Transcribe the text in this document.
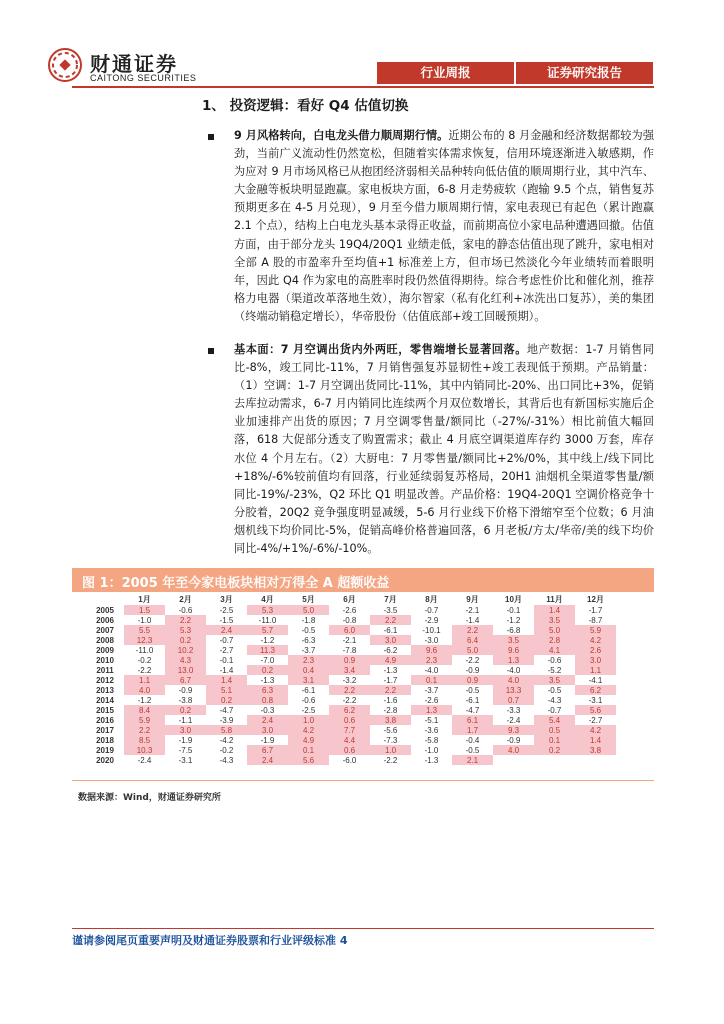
财通证券
CAITONG SECURITIES	行业周报	证券研究报告
1、 投资逻辑：看好 Q4 估值切换
9 月风格转向，白电龙头借力顺周期行情。近期公布的 8 月金融和经济数据都较为强劲，当前广义流动性仍然宽松，但随着实体需求恢复，信用环境逐渐进入敏感期，作为应对 9 月市场风格已从抱团经济弱相关品种转向低估值的顺周期行业，其中汽车、大金融等板块明显跑赢。家电板块方面，6-8 月走势疲软（跑输 9.5 个点，销售复苏预期更多在 4-5 月兑现），9 月至今借力顺周期行情，家电表现已有起色（累计跑赢 2.1 个点），结构上白电龙头基本录得正收益，而前期高位小家电品种遭遇回撤。估值方面，由于部分龙头 19Q4/20Q1 业绩走低，家电的静态估值出现了跳升，家电相对全部 A 股的市盈率升至均值+1 标准差上方，但市场已然淡化今年业绩转而着眼明年，因此 Q4 作为家电的高胜率时段仍然值得期待。综合考虑性价比和催化剂，推荐格力电器（渠道改革落地生效），海尔智家（私有化红利+冰洗出口复苏），美的集团（终端动销稳定增长），华帝股份（估值底部+竣工回暖预期）。
基本面：7 月空调出货内外两旺，零售端增长显著回落。地产数据：1-7 月销售同比-8%，竣工同比-11%，7 月销售强复苏显韧性+竣工表现低于预期。产品销量：（1）空调：1-7 月空调出货同比-11%，其中内销同比-20%、出口同比+3%，促销去库拉动需求，6-7 月内销同比连续两个月双位数增长，其背后也有新国标实施后企业加速排产出货的原因；7 月空调零售量/额同比（-27%/-31%）相比前值大幅回落，618 大促部分透支了购置需求；截止 4 月底空调渠道库存约 3000 万套，库存水位 4 个月左右。（2）大厨电：7 月零售量/额同比+2%/0%，其中线上/线下同比+18%/-6%较前值均有回落，行业延续弱复苏格局，20H1 油烟机全渠道零售量/额同比-19%/-23%，Q2 环比 Q1 明显改善。产品价格：19Q4-20Q1 空调价格竞争十分胶着，20Q2 竞争强度明显减缓，5-6 月行业线下价格下滑缩窄至个位数；6 月油烟机线下均价同比-5%，促销高峰价格普遍回落，6 月老板/方太/华帝/美的线下均价同比-4%/+1%/-6%/-10%。
图 1：2005 年至今家电板块相对万得全 A 超额收益
	1月	2月	3月	4月	5月	6月	7月	8月	9月	10月	11月	12月
2005	1.5	-0.6	-2.5	5.3	5.0	-2.6	-3.5	-0.7	-2.1	-0.1	1.4	-1.7
2006	-1.0	2.2	-1.5	-11.0	-1.8	-0.8	2.2	-2.9	-1.4	-1.2	3.5	-8.7
2007	5.5	5.3	2.4	5.7	-0.5	6.0	-6.1	-10.1	2.2	-6.8	5.0	5.9
2008	12.3	0.2	-0.7	-1.2	-6.3	-2.1	3.0	-3.0	6.4	3.5	2.8	4.2
2009	-11.0	10.2	-2.7	11.3	-3.7	-7.8	-6.2	9.6	5.0	9.6	4.1	2.6
2010	-0.2	4.3	-0.1	-7.0	2.3	0.9	4.9	2.3	-2.2	1.3	-0.6	3.0
2011	-2.2	13.0	-1.4	0.2	0.4	3.4	-1.3	-4.0	-0.9	-4.0	-5.2	1.1
2012	1.1	6.7	1.4	-1.3	3.1	-3.2	-1.7	0.1	0.9	4.0	3.5	-4.1
2013	4.0	-0.9	5.1	6.3	-6.1	2.2	2.2	-3.7	-0.5	13.3	-0.5	6.2
2014	-1.2	-3.8	0.2	0.8	-0.6	-2.2	-1.6	-2.6	-6.1	0.7	-4.3	-3.1
2015	8.4	0.2	-4.7	-0.3	-2.5	6.2	-2.8	1.3	-4.7	-3.3	-0.7	5.6
2016	5.9	-1.1	-3.9	2.4	1.0	0.6	3.8	-5.1	6.1	-2.4	5.4	-2.7
2017	2.2	3.0	5.8	3.0	4.2	7.7	-5.6	-3.6	1.7	9.3	0.5	4.2
2018	8.5	-1.9	-4.2	-1.9	4.9	4.4	-7.3	-5.8	-0.4	-0.9	0.1	1.4
2019	10.3	-7.5	-0.2	6.7	0.1	0.6	1.0	-1.0	-0.5	4.0	0.2	3.8
2020	-2.4	-3.1	-4.3	2.4	5.6	-6.0	-2.2	-1.3	2.1			
数据来源：Wind，财通证券研究所
谨请参阅尾页重要声明及财通证券股票和行业评级标准 4
